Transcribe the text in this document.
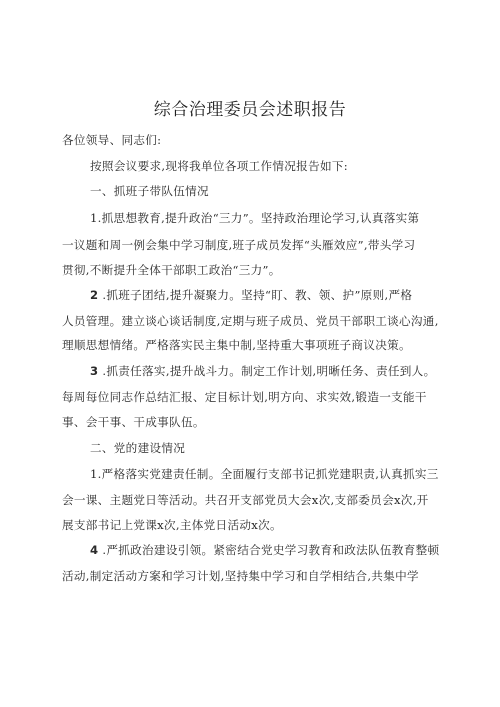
综合治理委员会述职报告
各位领导、同志们:
按照会议要求,现将我单位各项工作情况报告如下:
一、抓班子带队伍情况
1.抓思想教育,提升政治“三力”。坚持政治理论学习,认真落实第
一议题和周一例会集中学习制度,班子成员发挥“头雁效应”,带头学习
贯彻,不断提升全体干部职工政治“三力”。
2 .抓班子团结,提升凝聚力。坚持“盯、教、领、护”原则,严格
人员管理。建立谈心谈话制度,定期与班子成员、党员干部职工谈心沟通,
理顺思想情绪。严格落实民主集中制,坚持重大事项班子商议决策。
3 .抓责任落实,提升战斗力。制定工作计划,明晰任务、责任到人。
每周每位同志作总结汇报、定目标计划,明方向、求实效,锻造一支能干
事、会干事、干成事队伍。
二、党的建设情况
1.严格落实党建责任制。全面履行支部书记抓党建职责,认真抓实三
会一课、主题党日等活动。共召开支部党员大会x次,支部委员会x次,开
展支部书记上党课x次,主体党日活动x次。
4 .严抓政治建设引领。紧密结合党史学习教育和政法队伍教育整顿
活动,制定活动方案和学习计划,坚持集中学习和自学相结合,共集中学
